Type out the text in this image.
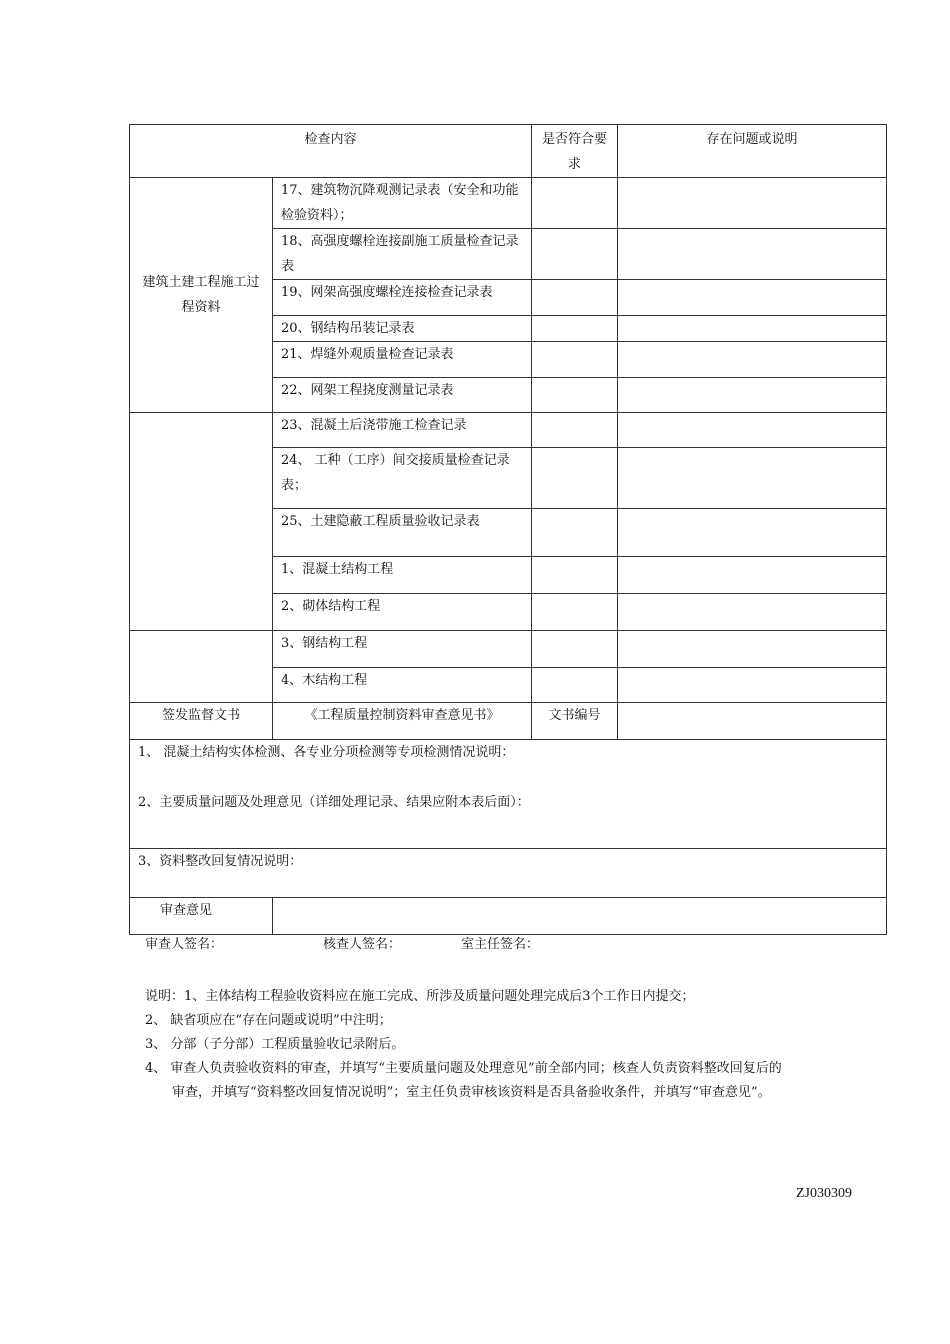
检查内容		是否符合要求	存在问题或说明
建筑土建工程施工过程资料	17、建筑物沉降观测记录表（安全和功能检验资料）；		
	18、高强度螺栓连接副施工质量检查记录表		
	19、网架高强度螺栓连接检查记录表		
	20、钢结构吊装记录表		
	21、焊缝外观质量检查记录表		
	22、网架工程挠度测量记录表		
	23、混凝土后浇带施工检查记录		
	24、 工种（工序）间交接质量检查记录表；		
	25、土建隐蔽工程质量验收记录表		
	1、混凝土结构工程		
	2、砌体结构工程		
	3、钢结构工程		
	4、木结构工程		
签发监督文书	《工程质量控制资料审查意见书》	文书编号	

1、 混凝土结构实体检测、各专业分项检测等专项检测情况说明：
2、主要质量问题及处理意见（详细处理记录、结果应附本表后面）：			

3、资料整改回复情况说明：			

审查意见			
审查人签名：	核查人签名：	室主任签名：
说明：1、主体结构工程验收资料应在施工完成、所涉及质量问题处理完成后3个工作日内提交；
2、 缺省项应在“存在问题或说明”中注明；
3、 分部（子分部）工程质量验收记录附后。
4、 审查人负责验收资料的审查，并填写“主要质量问题及处理意见”前全部内同；核查人负责资料整改回复后的
审查，并填写“资料整改回复情况说明”；室主任负责审核该资料是否具备验收条件，并填写“审查意见”。
ZJ030309
